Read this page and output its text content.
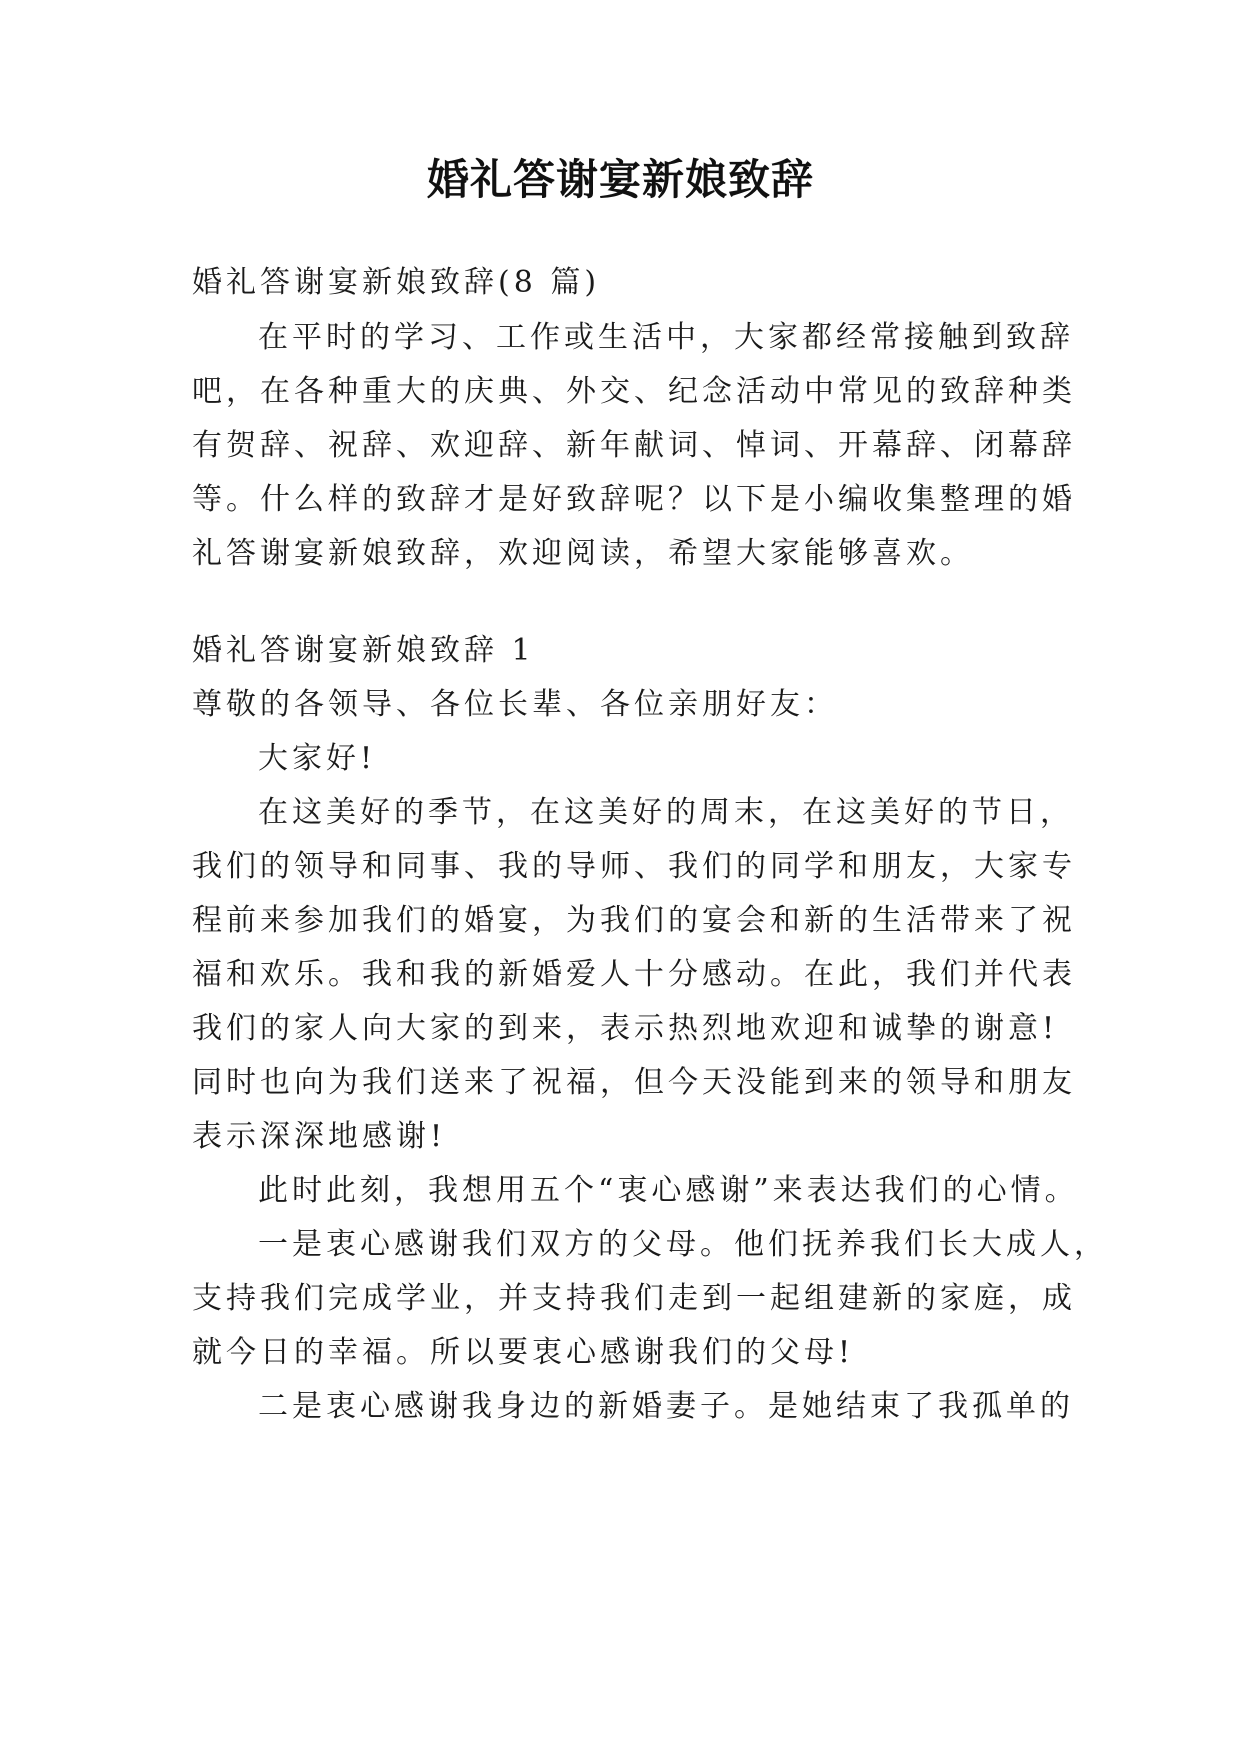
婚礼答谢宴新娘致辞
婚礼答谢宴新娘致辞(8 篇)
在平时的学习、工作或生活中，大家都经常接触到致辞
吧，在各种重大的庆典、外交、纪念活动中常见的致辞种类
有贺辞、祝辞、欢迎辞、新年献词、悼词、开幕辞、闭幕辞
等。什么样的致辞才是好致辞呢？以下是小编收集整理的婚
礼答谢宴新娘致辞，欢迎阅读，希望大家能够喜欢。
婚礼答谢宴新娘致辞 1
尊敬的各领导、各位长辈、各位亲朋好友：
大家好!
在这美好的季节，在这美好的周末，在这美好的节日，
我们的领导和同事、我的导师、我们的同学和朋友，大家专
程前来参加我们的婚宴，为我们的宴会和新的生活带来了祝
福和欢乐。我和我的新婚爱人十分感动。在此，我们并代表
我们的家人向大家的到来，表示热烈地欢迎和诚挚的谢意!
同时也向为我们送来了祝福，但今天没能到来的领导和朋友
表示深深地感谢!
此时此刻，我想用五个“衷心感谢”来表达我们的心情。
一是衷心感谢我们双方的父母。他们抚养我们长大成人，
支持我们完成学业，并支持我们走到一起组建新的家庭，成
就今日的幸福。所以要衷心感谢我们的父母!
二是衷心感谢我身边的新婚妻子。是她结束了我孤单的
